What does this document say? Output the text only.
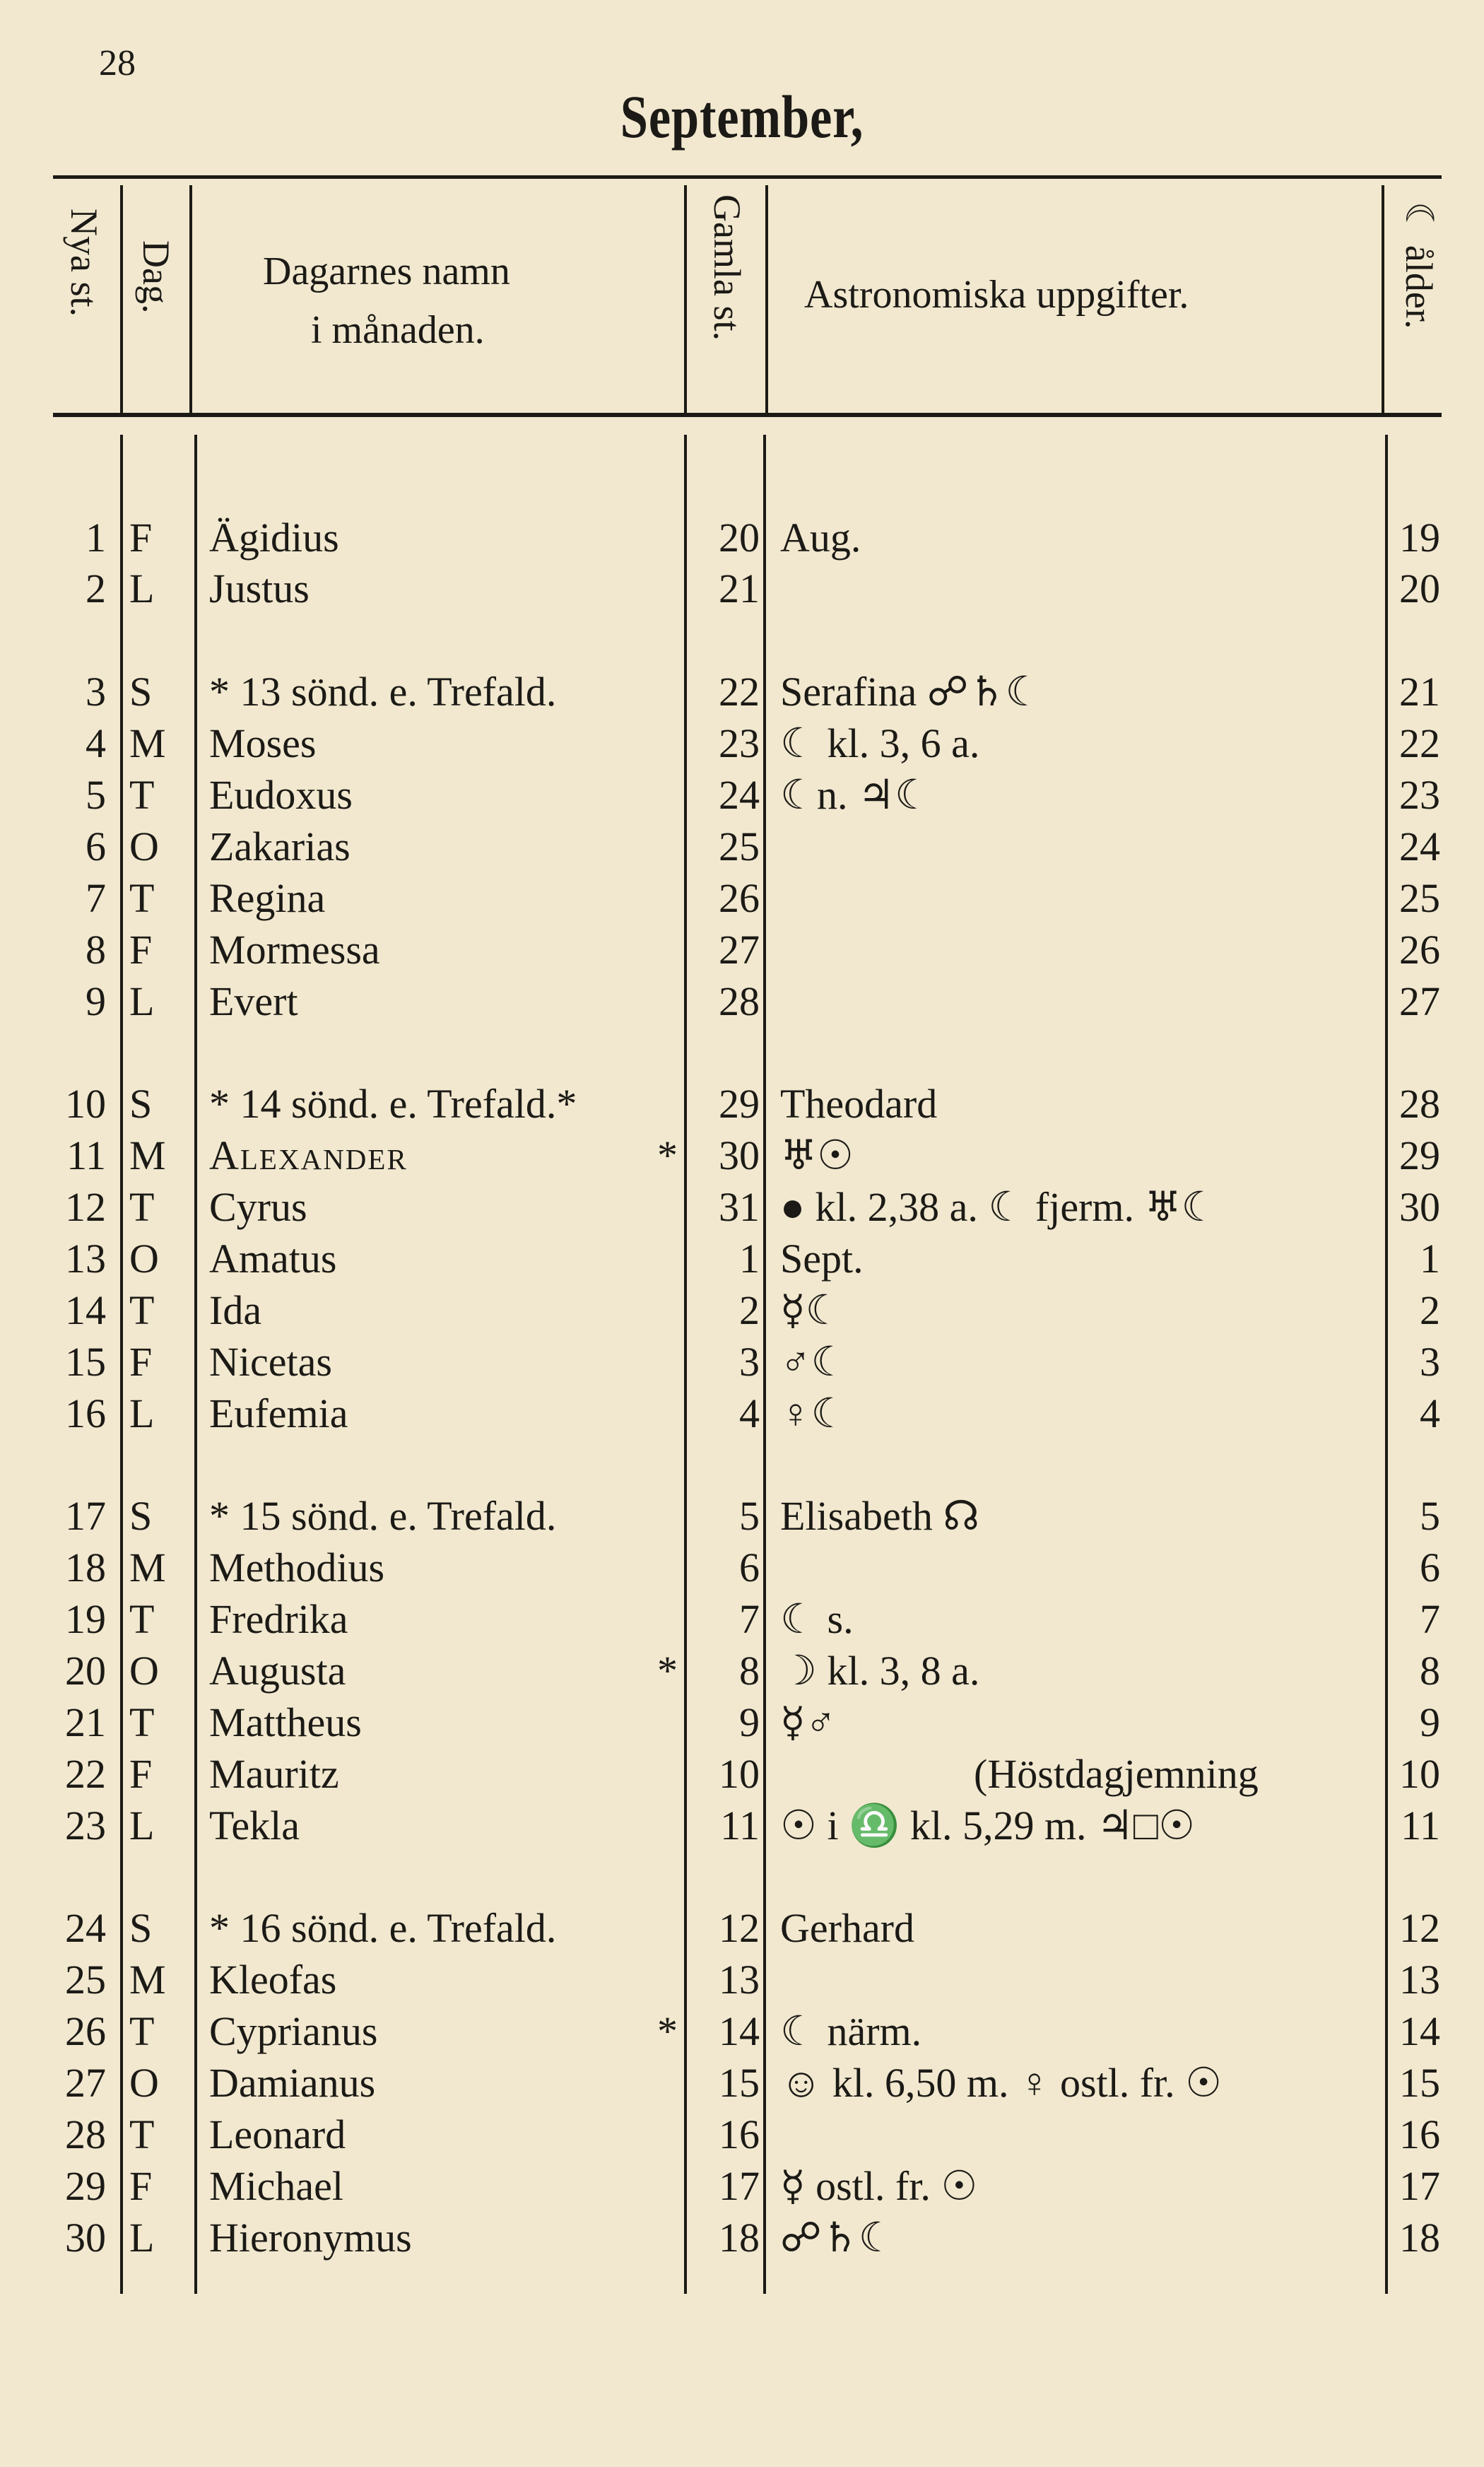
28
September,
Nya st. Dag. Dagarnes namn
i månaden.	Gamla st. Astronomiska uppgifter.	☾ ålder.
1 F Ägidius	20 Aug.	19
2 L Justus	21	20
3 S * 13 sönd. e. Trefald.	22 Serafina ☍♄☾	21
4 M Moses	23 ☾ kl. 3, 6 a.	22
5 T Eudoxus	24 ☾n. ♃☾	23
6 O Zakarias	25	24
7 T Regina	26	25
8 F Mormessa	27	26
9 L Evert	28	27
10 S * 14 sönd. e. Trefald.*	29 Theodard	28
11 M Alexander	* 30 ♅☉	29
12 T Cyrus	31 ● kl. 2,38 a. ☾ fjerm. ♅☾	30
13 O Amatus	1 Sept.	1
14 T Ida	2 ☿☾	2
15 F Nicetas	3 ♂☾	3
16 L Eufemia	4 ♀☾	4
17 S * 15 sönd. e. Trefald.	5 Elisabeth ☊	5
18 M Methodius	6	6
19 T Fredrika	7 ☾ s.	7
20 O Augusta	* 8 ☽ kl. 3, 8 a.	8
21 T Mattheus	9 ☿♂	9
22 F Mauritz	10	(Höstdagjemning	10
23 L Tekla	11 ☉ i ♎ kl. 5,29 m. ♃□☉	11
24 S * 16 sönd. e. Trefald.	12 Gerhard	12
25 M Kleofas	13	13
26 T Cyprianus	* 14 ☾ närm.	14
27 O Damianus	15 ☺ kl. 6,50 m. ♀ ostl. fr. ☉	15
28 T Leonard	16	16
29 F Michael	17 ☿ ostl. fr. ☉	17
30 L Hieronymus	18 ☍♄☾	18
